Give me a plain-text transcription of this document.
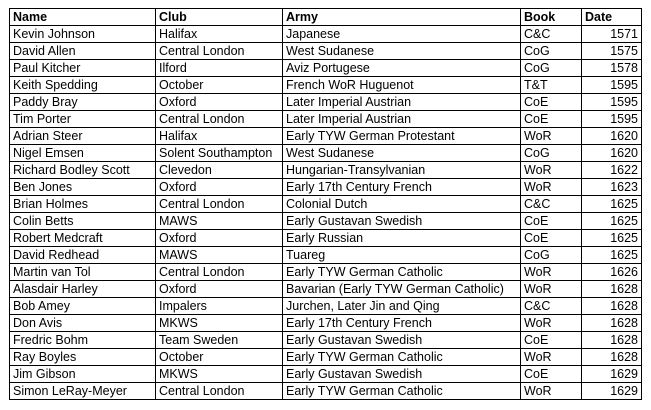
Name	Club	Army	Book	Date
Kevin Johnson	Halifax	Japanese	C&C	1571
David Allen	Central London	West Sudanese	CoG	1575
Paul Kitcher	Ilford	Aviz Portugese	CoG	1578
Keith Spedding	October	French WoR Huguenot	T&T	1595
Paddy Bray	Oxford	Later Imperial Austrian	CoE	1595
Tim Porter	Central London	Later Imperial Austrian	CoE	1595
Adrian Steer	Halifax	Early TYW German Protestant	WoR	1620
Nigel Emsen	Solent Southampton	West Sudanese	CoG	1620
Richard Bodley Scott	Clevedon	Hungarian-Transylvanian	WoR	1622
Ben Jones	Oxford	Early 17th Century French	WoR	1623
Brian Holmes	Central London	Colonial Dutch	C&C	1625
Colin Betts	MAWS	Early Gustavan Swedish	CoE	1625
Robert Medcraft	Oxford	Early Russian	CoE	1625
David Redhead	MAWS	Tuareg	CoG	1625
Martin van Tol	Central London	Early TYW German Catholic	WoR	1626
Alasdair Harley	Oxford	Bavarian (Early TYW German Catholic)	WoR	1628
Bob Amey	Impalers	Jurchen, Later Jin and Qing	C&C	1628
Don Avis	MKWS	Early 17th Century French	WoR	1628
Fredric Bohm	Team Sweden	Early Gustavan Swedish	CoE	1628
Ray Boyles	October	Early TYW German Catholic	WoR	1628
Jim Gibson	MKWS	Early Gustavan Swedish	CoE	1629
Simon LeRay-Meyer	Central London	Early TYW German Catholic	WoR	1629
